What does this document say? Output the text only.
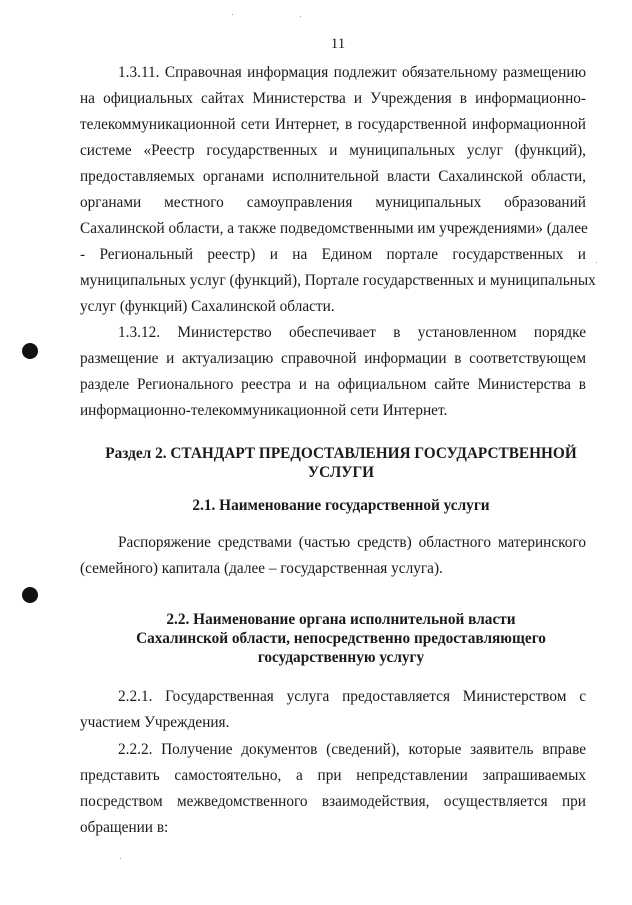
11
1.3.11. Справочная информация подлежит обязательному размещению
на официальных сайтах Министерства и Учреждения в информационно-
телекоммуникационной сети Интернет, в государственной информационной
системе «Реестр государственных и муниципальных услуг (функций),
предоставляемых органами исполнительной власти Сахалинской области,
органами местного самоуправления муниципальных образований
Сахалинской области, а также подведомственными им учреждениями» (далее
- Региональный реестр) и на Едином портале государственных и
муниципальных услуг (функций), Портале государственных и муниципальных
услуг (функций) Сахалинской области.
1.3.12. Министерство обеспечивает в установленном порядке
размещение и актуализацию справочной информации в соответствующем
разделе Регионального реестра и на официальном сайте Министерства в
информационно-телекоммуникационной сети Интернет.
Раздел 2. СТАНДАРТ ПРЕДОСТАВЛЕНИЯ ГОСУДАРСТВЕННОЙ
УСЛУГИ
2.1. Наименование государственной услуги
Распоряжение средствами (частью средств) областного материнского
(семейного) капитала (далее – государственная услуга).
2.2. Наименование органа исполнительной власти
Сахалинской области, непосредственно предоставляющего
государственную услугу
2.2.1. Государственная услуга предоставляется Министерством с
участием Учреждения.
2.2.2. Получение документов (сведений), которые заявитель вправе
представить самостоятельно, а при непредставлении запрашиваемых
посредством межведомственного взаимодействия, осуществляется при
обращении в:
